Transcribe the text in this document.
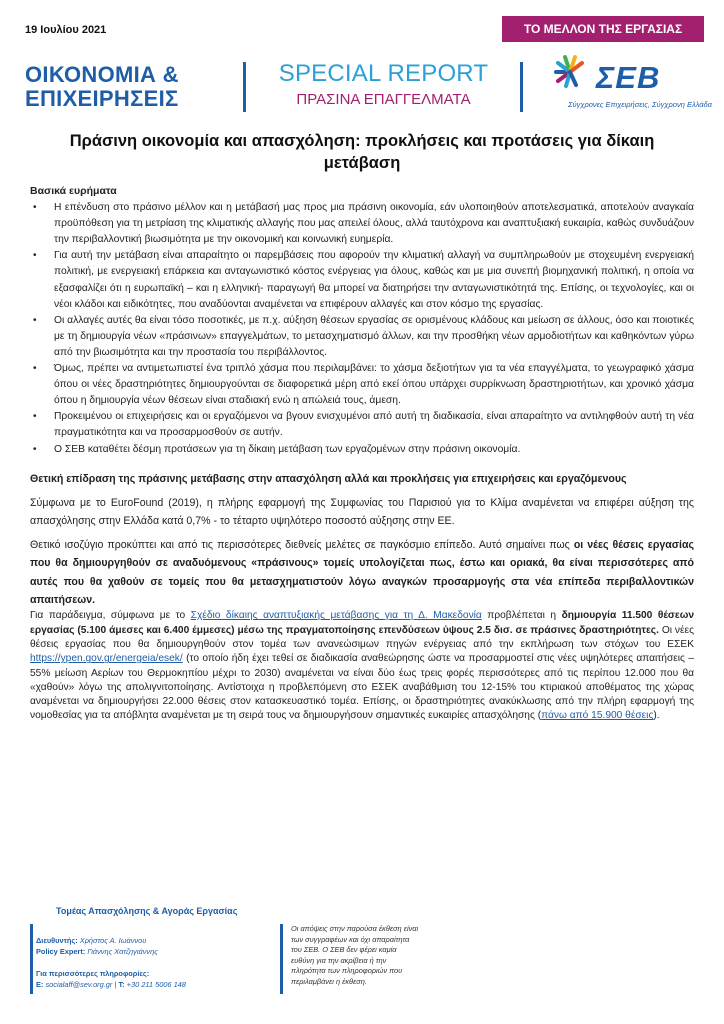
19 Ιουλίου 2021	ΤΟ ΜΕΛΛΟΝ ΤΗΣ ΕΡΓΑΣΙΑΣ
ΟΙΚΟΝΟΜΙΑ &
ΕΠΙΧΕΙΡΗΣΕΙΣ
SPECIAL REPORT
ΠΡΑΣΙΝΑ ΕΠΑΓΓΕΛΜΑΤΑ
ΣΕΒ
Σύγχρονες Επιχειρήσεις, Σύγχρονη Ελλάδα
Πράσινη οικονομία και απασχόληση: προκλήσεις και προτάσεις για δίκαιη μετάβαση
Βασικά ευρήματα
• Η επένδυση στο πράσινο μέλλον και η μετάβασή μας προς μια πράσινη οικονομία, εάν υλοποιηθούν αποτελεσματικά, αποτελούν αναγκαία προϋπόθεση για τη μετρίαση της κλιματικής αλλαγής που μας απειλεί όλους, αλλά ταυτόχρονα και αναπτυξιακή ευκαιρία, καθώς συνδυάζουν την περιβαλλοντική βιωσιμότητα με την οικονομική και κοινωνική ευημερία.
• Για αυτή την μετάβαση είναι απαραίτητο οι παρεμβάσεις που αφορούν την κλιματική αλλαγή να συμπληρωθούν με στοχευμένη ενεργειακή πολιτική, με ενεργειακή επάρκεια και ανταγωνιστικό κόστος ενέργειας για όλους, καθώς και με μια συνεπή βιομηχανική πολιτική, η οποία να εξασφαλίζει ότι η ευρωπαϊκή – και η ελληνική- παραγωγή θα μπορεί να διατηρήσει την ανταγωνιστικότητά της. Επίσης, οι τεχνολογίες, και οι νέοι κλάδοι και ειδικότητες, που αναδύονται αναμένεται να επιφέρουν αλλαγές και στον κόσμο της εργασίας.
• Οι αλλαγές αυτές θα είναι τόσο ποσοτικές, με π.χ. αύξηση θέσεων εργασίας σε ορισμένους κλάδους και μείωση σε άλλους, όσο και ποιοτικές με τη δημιουργία νέων «πράσινων» επαγγελμάτων, το μετασχηματισμό άλλων, και την προσθήκη νέων αρμοδιοτήτων και καθηκόντων γύρω από την βιωσιμότητα και την προστασία του περιβάλλοντος.
• Όμως, πρέπει να αντιμετωπιστεί ένα τριπλό χάσμα που περιλαμβάνει: το χάσμα δεξιοτήτων για τα νέα επαγγέλματα, το γεωγραφικό χάσμα όπου οι νέες δραστηριότητες δημιουργούνται σε διαφορετικά μέρη από εκεί όπου υπάρχει συρρίκνωση δραστηριοτήτων, και χρονικό χάσμα όπου η δημιουργία νέων θέσεων είναι σταδιακή ενώ η απώλειά τους, άμεση.
• Προκειμένου οι επιχειρήσεις και οι εργαζόμενοι να βγουν ενισχυμένοι από αυτή τη διαδικασία, είναι απαραίτητο να αντιληφθούν αυτή τη νέα πραγματικότητα και να προσαρμοσθούν σε αυτήν.
• Ο ΣΕΒ καταθέτει δέσμη προτάσεων για τη δίκαιη μετάβαση των εργαζομένων στην πράσινη οικονομία.
Θετική επίδραση της πράσινης μετάβασης στην απασχόληση αλλά και προκλήσεις για επιχειρήσεις και εργαζόμενους
Σύμφωνα με το EuroFound (2019), η πλήρης εφαρμογή της Συμφωνίας του Παρισιού για το Κλίμα αναμένεται να επιφέρει αύξηση της απασχόλησης στην Ελλάδα κατά 0,7% - το τέταρτο υψηλότερο ποσοστό αύξησης στην ΕΕ.
Θετικό ισοζύγιο προκύπτει και από τις περισσότερες διεθνείς μελέτες σε παγκόσμιο επίπεδο. Αυτό σημαίνει πως οι νέες θέσεις εργασίας που θα δημιουργηθούν σε αναδυόμενους «πράσινους» τομείς υπολογίζεται πως, έστω και οριακά, θα είναι περισσότερες από αυτές που θα χαθούν σε τομείς που θα μετασχηματιστούν λόγω αναγκών προσαρμογής στα νέα επίπεδα περιβαλλοντικών απαιτήσεων.
Για παράδειγμα, σύμφωνα με το Σχέδιο δίκαιης αναπτυξιακής μετάβασης για τη Δ. Μακεδονία προβλέπεται η δημιουργία 11.500 θέσεων εργασίας (5.100 άμεσες και 6.400 έμμεσες) μέσω της πραγματοποίησης επενδύσεων ύψους 2.5 δισ. σε πράσινες δραστηριότητες. Οι νέες θέσεις εργασίας που θα δημιουργηθούν στον τομέα των ανανεώσιμων πηγών ενέργειας από την εκπλήρωση των στόχων του ΕΣΕΚ https://ypen.gov.gr/energeia/esek/ (το οποίο ήδη έχει τεθεί σε διαδικασία αναθεώρησης ώστε να προσαρμοστεί στις νέες υψηλότερες απαιτήσεις –55% μείωση Αερίων του Θερμοκηπίου μέχρι το 2030) αναμένεται να είναι δύο έως τρεις φορές περισσότερες από τις περίπου 12.000 που θα «χαθούν» λόγω της απολιγνιτοποίησης. Αντίστοιχα η προβλεπόμενη στο ΕΣΕΚ αναβάθμιση του 12-15% του κτιριακού αποθέματος της χώρας αναμένεται να δημιουργήσει 22.000 θέσεις στον κατασκευαστικό τομέα. Επίσης, οι δραστηριότητες ανακύκλωσης από την πλήρη εφαρμογή της νομοθεσίας για τα απόβλητα αναμένεται με τη σειρά τους να δημιουργήσουν σημαντικές ευκαιρίες απασχόλησης (πάνω από 15.900 θέσεις).
Τομέας Απασχόλησης & Αγοράς Εργασίας
Διευθυντής: Χρήστος Α. Ιωάννου
Policy Expert: Γιάννης Χατζηγιάννης
Για περισσότερες πληροφορίες:
E: socialaff@sev.org.gr | T: +30 211 5006 148
Οι απόψεις στην παρούσα έκθεση είναι των συγγραφέων και όχι απαραίτητα του ΣΕΒ. Ο ΣΕΒ δεν φέρει καμία ευθύνη για την ακρίβεια ή την πληρότητα των πληροφοριών που περιλαμβάνει η έκθεση.
